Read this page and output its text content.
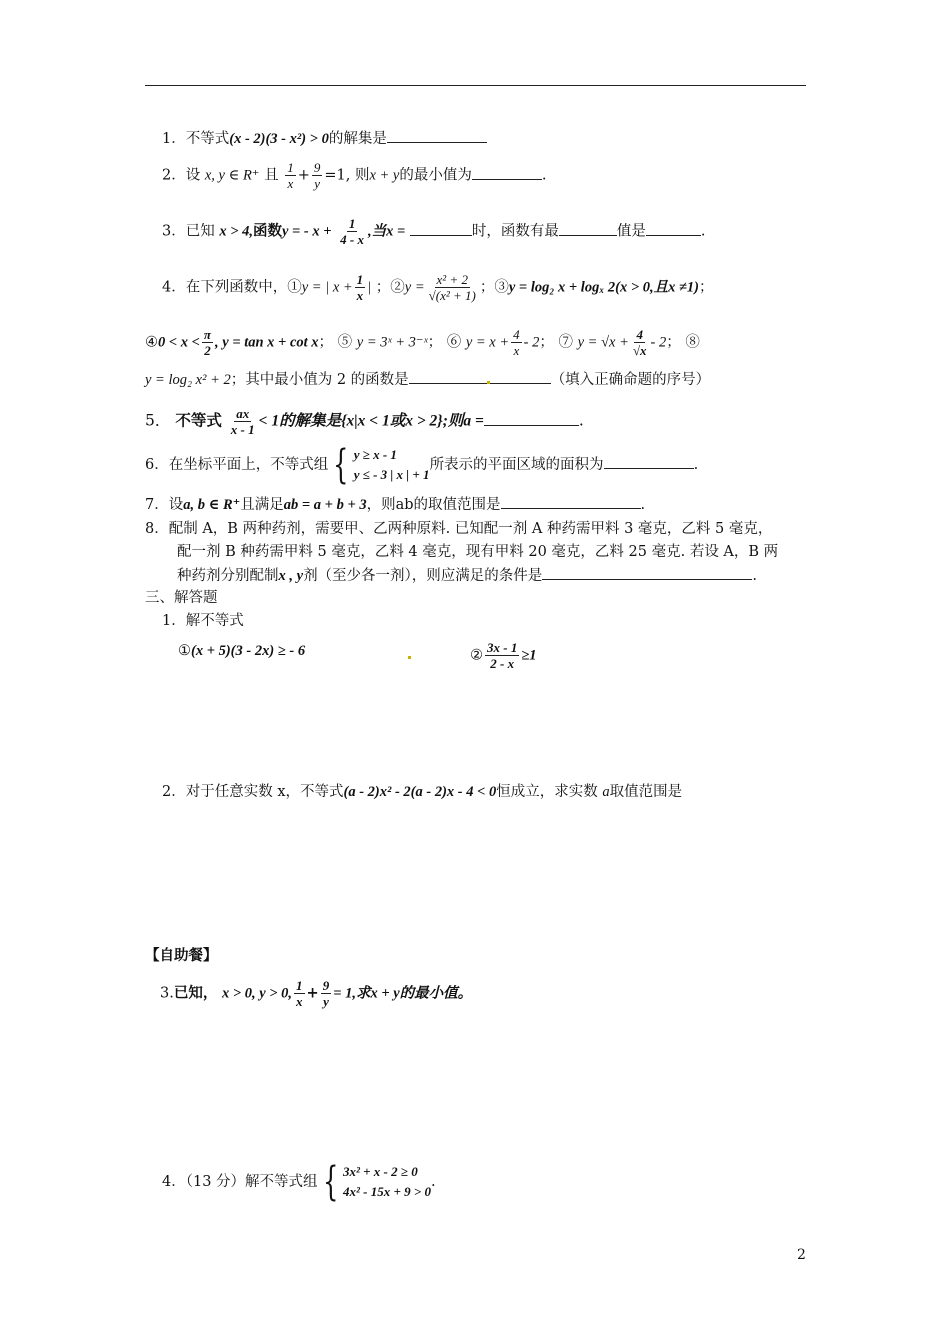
1．不等式(x - 2)(3 - x²) > 0的解集是
2．设 x, y ∈ R⁺ 且 $\frac{1}{x} + \frac{9}{y} =1$, 则x + y的最小值为	.
3．已知 x > 4,函数y = - $x + \frac{1}{4 - x}$ ,当x =	时，函数有最	值是	.
4．在下列函数中，①y = | $x + \frac{1}{x}$ | ；②y = $\frac{\text{x² + 2}}{\text{√(x² + 1)}}$ ；③y = log₂ x + logₓ 2(x > 0,且x ≠1)；
④0 < $x < \frac{\pi}{2}$ , y = tan x + cot x； ⑤ y = 3ˣ + 3⁻ˣ； ⑥ $y = x + \frac{4}{x} - 2$； ⑦ $y = √x + \frac{4}{√x} - 2$； ⑧
y = log₂ x² + 2；其中最小值为 2 的函数是	（填入正确命题的序号）
5． 不等式 $\frac{ax}{x - 1} < 1$的解集是{x|x < 1或x > 2};则a =	.
6．在坐标平面上，不等式组 { y ≥ x - 1
y ≤ - 3 | x | + 1
所表示的平面区域的面积为	.
7．设a, b ∈ R⁺且满足ab = a + b + 3，则ab的取值范围是	.
8．配制 A，B 两种药剂，需要甲、乙两种原料. 已知配一剂 A 种药需甲料 3 毫克，乙料 5 毫克，
配一剂 B 种药需甲料 5 毫克，乙料 4 毫克，现有甲料 20 毫克，乙料 25 毫克. 若设 A，B 两
种药剂分别配制x , y剂（至少各一剂），则应满足的条件是	.
三、解答题
1．解不等式
①(x + 5)(3 - 2x) ≥ - 6	② $\frac{3x - 1}{2 - x} \ge 1$
2．对于任意实数 x，不等式(a - 2)x² - 2(a - 2)x - 4 < 0恒成立，求实数 a取值范围是
【自助餐】
3.已知， x > 0, y > 0, $\frac{1}{x} + \frac{9}{y} = 1$,求x + y的最小值。
4．（13 分）解不等式组 { 3x² + x - 2 ≥ 0
4x² - 15x + 9 > 0
.
2
